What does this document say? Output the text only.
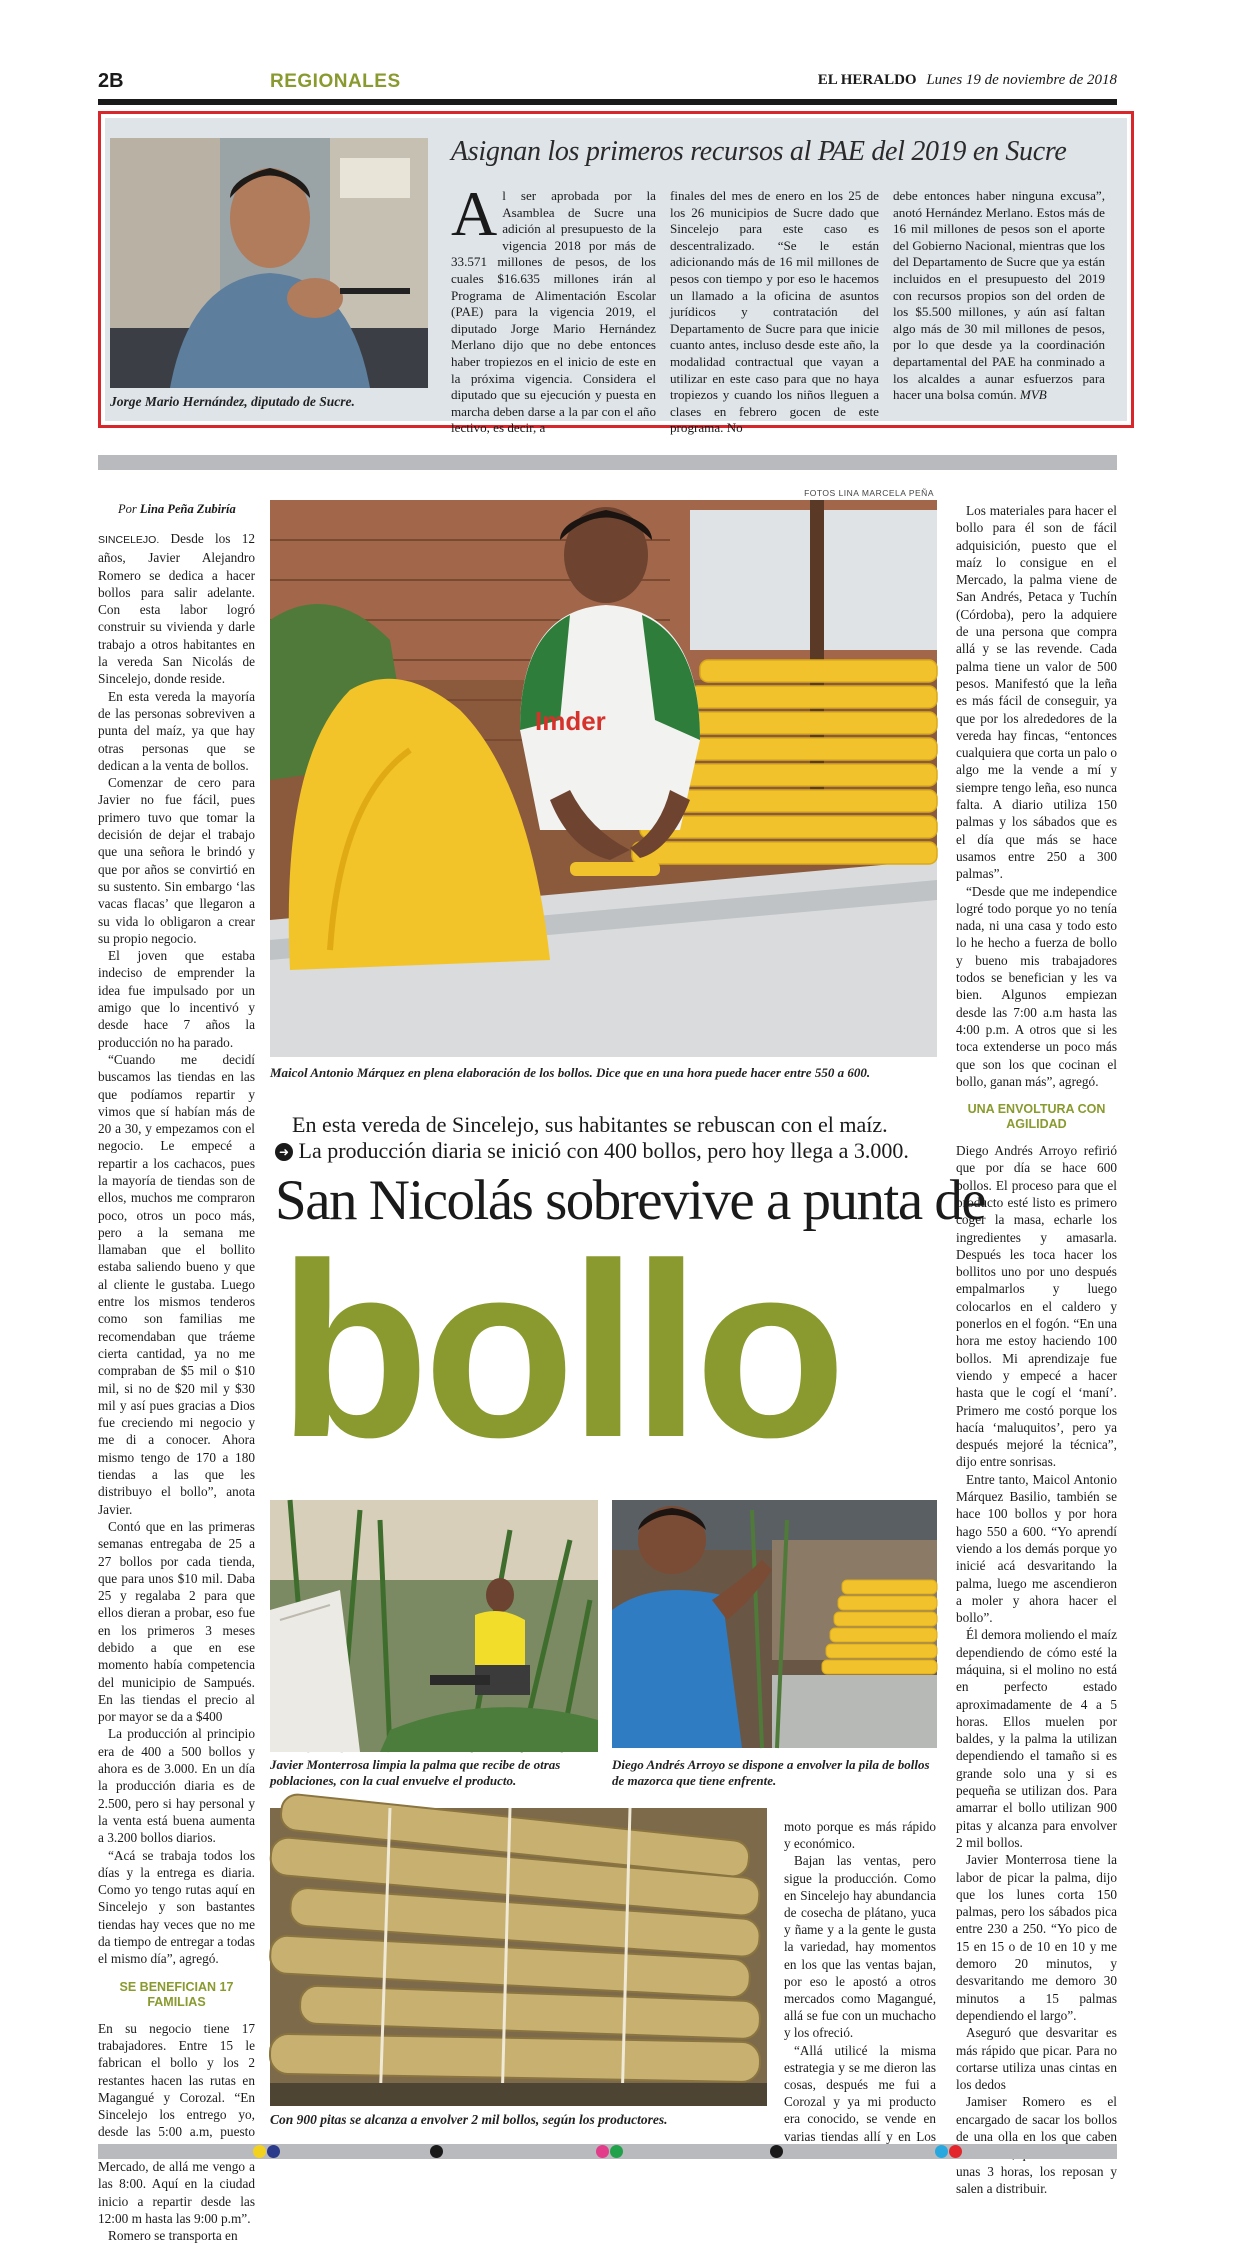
2B	REGIONALES	EL HERALDO Lunes 19 de noviembre de 2018
Jorge Mario Hernández, diputado de Sucre.
Asignan los primeros recursos al PAE del 2019 en Sucre
A l ser aprobada por la Asamblea de Sucre una adición al presupuesto de la vigencia 2018 por más de 33.571 millones de pesos, de los cuales $16.635 millones irán al Programa de Alimentación Escolar (PAE) para la vigencia 2019, el diputado Jorge Mario Hernández Merlano dijo que no debe entonces haber tropiezos en el inicio de este en la próxima vigencia. Considera el diputado que su ejecución y puesta en marcha deben darse a la par con el año lectivo, es decir, a
finales del mes de enero en los 25 de los 26 municipios de Sucre dado que Sincelejo para este caso es descentralizado. “Se le están adicionando más de 16 mil millones de pesos con tiempo y por eso le hacemos un llamado a la oficina de asuntos jurídicos y contratación del Departamento de Sucre para que inicie cuanto antes, incluso desde este año, la modalidad contractual que vayan a utilizar en este caso para que no haya tropiezos y cuando los niños lleguen a clases en febrero gocen de este programa. No
debe entonces haber ninguna excusa”, anotó Hernández Merlano. Estos más de 16 mil millones de pesos son el aporte del Gobierno Nacional, mientras que los del Departamento de Sucre que ya están incluidos en el presupuesto del 2019 con recursos propios son del orden de los $5.500 millones, y aún así faltan algo más de 30 mil millones de pesos, por lo que desde ya la coordinación departamental del PAE ha conminado a los alcaldes a aunar esfuerzos para hacer una bolsa común. MVB
FOTOS LINA MARCELA PEÑA
Por Lina Peña Zubiría

SINCELEJO. Desde los 12 años, Javier Alejandro Romero se dedica a hacer bollos para salir adelante. Con esta labor logró construir su vivienda y darle trabajo a otros habitantes en la vereda San Nicolás de Sincelejo, donde reside.

En esta vereda la mayoría de las personas sobreviven a punta del maíz, ya que hay otras personas que se dedican a la venta de bollos.

Comenzar de cero para Javier no fue fácil, pues primero tuvo que tomar la decisión de dejar el trabajo que una señora le brindó y que por años se convirtió en su sustento. Sin embargo ‘las vacas flacas’ que llegaron a su vida lo obligaron a crear su propio negocio.

El joven que estaba indeciso de emprender la idea fue impulsado por un amigo que lo incentivó y desde hace 7 años la producción no ha parado.

“Cuando me decidí buscamos las tiendas en las que podíamos repartir y vimos que sí habían más de 20 a 30, y empezamos con el negocio. Le empecé a repartir a los cachacos, pues la mayoría de tiendas son de ellos, muchos me compraron poco, otros un poco más, pero a la semana me llamaban que el bollito estaba saliendo bueno y que al cliente le gustaba. Luego entre los mismos tenderos como son familias me recomendaban que tráeme cierta cantidad, ya no me compraban de $5 mil o $10 mil, si no de $20 mil y $30 mil y así pues gracias a Dios fue creciendo mi negocio y me di a conocer. Ahora mismo tengo de 170 a 180 tiendas a las que les distribuyo el bollo”, anota Javier.

Contó que en las primeras semanas entregaba de 25 a 27 bollos por cada tienda, que para unos $10 mil. Daba 25 y regalaba 2 para que ellos dieran a probar, eso fue en los primeros 3 meses debido a que en ese momento había competencia del municipio de Sampués. En las tiendas el precio al por mayor se da a $400

La producción al principio era de 400 a 500 bollos y ahora es de 3.000. En un día la producción diaria es de 2.500, pero si hay personal y la venta está buena aumenta a 3.200 bollos diarios.

“Acá se trabaja todos los días y la entrega es diaria. Como yo tengo rutas aquí en Sincelejo y son bastantes tiendas hay veces que no me da tiempo de entregar a todas el mismo día”, agregó.

SE BENEFICIAN 17 FAMILIAS

En su negocio tiene 17 trabajadores. Entre 15 le fabrican el bollo y los 2 restantes hacen las rutas en Magangué y Corozal. “En Sincelejo los entrego yo, desde las 5:00 a.m, puesto Mercado, de allá me vengo a las 8:00. Aquí en la ciudad inicio a repartir desde las 12:00 m hasta las 9:00 p.m”.

Romero se transporta en

Imder
Maicol Antonio Márquez en plena elaboración de los bollos. Dice que en una hora puede hacer entre 550 a 600.
En esta vereda de Sincelejo, sus habitantes se rebuscan con el maíz.
➜ La producción diaria se inició con 400 bollos, pero hoy llega a 3.000.
San Nicolás sobrevive a punta de
bollo
Javier Monterrosa limpia la palma que recibe de otras poblaciones, con la cual envuelve el producto.
Diego Andrés Arroyo se dispone a envolver la pila de bollos de mazorca que tiene enfrente.
Con 900 pitas se alcanza a envolver 2 mil bollos, según los productores.

moto porque es más rápido y económico.

Bajan las ventas, pero sigue la producción. Como en Sincelejo hay abundancia de cosecha de plátano, yuca y ñame y a la gente le gusta la variedad, hay momentos en los que las ventas bajan, por eso le apostó a otros mercados como Magangué, allá se fue con un muchacho y los ofreció.

“Allá utilicé la misma estrategia y se me dieron las cosas, después me fui a Corozal y ya mi producto era conocido, se vende en varias tiendas allí y en Los

Los materiales para hacer el bollo para él son de fácil adquisición, puesto que el maíz lo consigue en el Mercado, la palma viene de San Andrés, Petaca y Tuchín (Córdoba), pero la adquiere de una persona que compra allá y se las revende. Cada palma tiene un valor de 500 pesos. Manifestó que la leña es más fácil de conseguir, ya que por los alrededores de la vereda hay fincas, “entonces cualquiera que corta un palo o algo me la vende a mí y siempre tengo leña, eso nunca falta. A diario utiliza 150 palmas y los sábados que es el día que más se hace usamos entre 250 a 300 palmas”.

“Desde que me independice logré todo porque yo no tenía nada, ni una casa y todo esto lo he hecho a fuerza de bollo y bueno mis trabajadores todos se benefician y les va bien. Algunos empiezan desde las 7:00 a.m hasta las 4:00 p.m. A otros que si les toca extenderse un poco más que son los que cocinan el bollo, ganan más”, agregó.

UNA ENVOLTURA CON AGILIDAD

Diego Andrés Arroyo refirió que por día se hace 600 bollos. El proceso para que el producto esté listo es primero coger la masa, echarle los ingredientes y amasarla. Después les toca hacer los bollitos uno por uno después empalmarlos y luego colocarlos en el caldero y ponerlos en el fogón. “En una hora me estoy haciendo 100 bollos. Mi aprendizaje fue viendo y empecé a hacer hasta que le cogí el ‘maní’. Primero me costó porque los hacía ‘maluquitos’, pero ya después mejoré la técnica”, dijo entre sonrisas.

Entre tanto, Maicol Antonio Márquez Basilio, también se hace 100 bollos y por hora hago 550 a 600. “Yo aprendí viendo a los demás porque yo inicié acá desvaritando la palma, luego me ascendieron a moler y ahora hacer el bollo”.

Él demora moliendo el maíz dependiendo de cómo esté la máquina, si el molino no está en perfecto estado aproximadamente de 4 a 5 horas. Ellos muelen por baldes, y la palma la utilizan dependiendo el tamaño si es grande solo una y si es pequeña se utilizan dos. Para amarrar el bollo utilizan 900 pitas y alcanza para envolver 2 mil bollos.

Javier Monterrosa tiene la labor de picar la palma, dijo que los lunes corta 150 palmas, pero los sábados pica entre 230 a 250. “Yo pico de 15 en 15 o de 10 en 10 y me demoro 20 minutos, y desvaritando me demoro 30 minutos a 15 palmas dependiendo el largo”.

Aseguró que desvaritar es más rápido que picar. Para no cortarse utiliza unas cintas en los dedos

Jamiser Romero es el encargado de sacar los bollos de una olla en los que caben unas 3 horas, los reposan y salen a distribuir.
